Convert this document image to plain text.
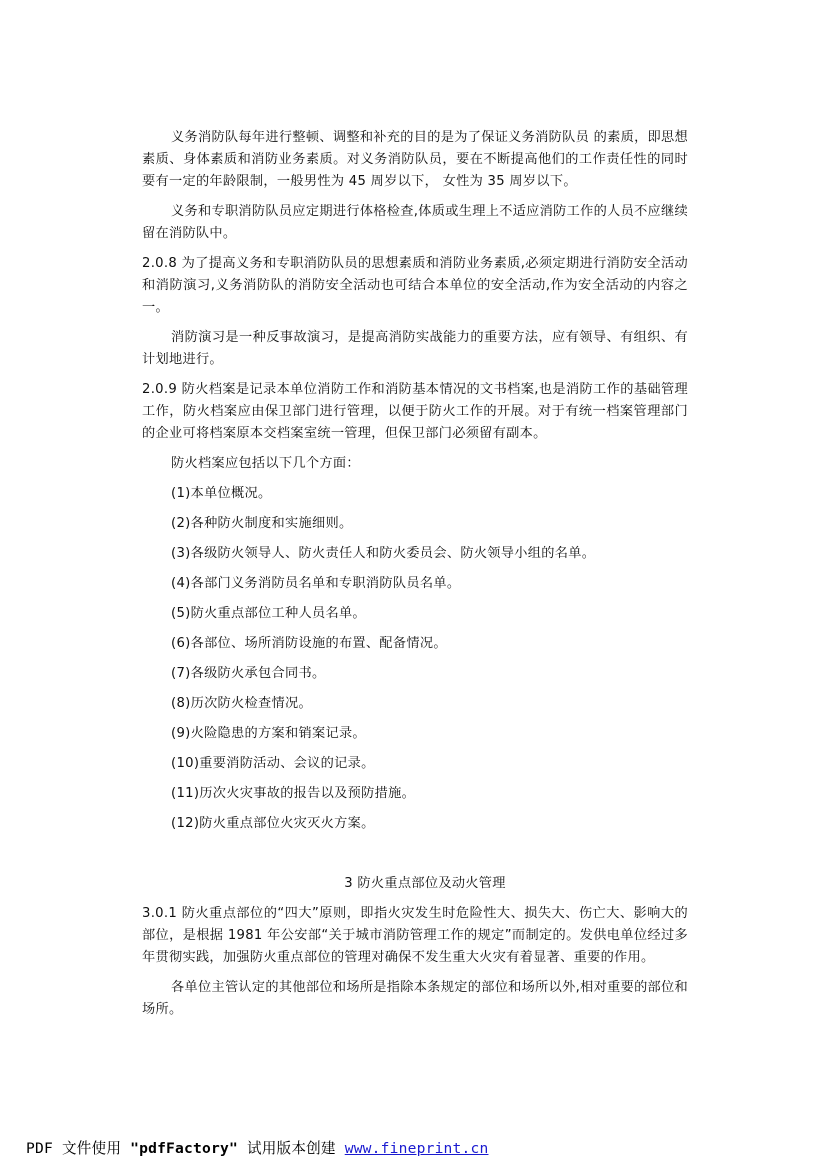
义务消防队每年进行整顿、调整和补充的目的是为了保证义务消防队员 的素质，即思想素质、身体素质和消防业务素质。对义务消防队员，要在不断提高他们的工作责任性的同时要有一定的年龄限制，一般男性为 45 周岁以下， 女性为 35 周岁以下。

义务和专职消防队员应定期进行体格检查,体质或生理上不适应消防工作的人员不应继续留在消防队中。

2.0.8 为了提高义务和专职消防队员的思想素质和消防业务素质,必须定期进行消防安全活动和消防演习,义务消防队的消防安全活动也可结合本单位的安全活动,作为安全活动的内容之一。

消防演习是一种反事故演习，是提高消防实战能力的重要方法，应有领导、有组织、有计划地进行。

2.0.9 防火档案是记录本单位消防工作和消防基本情况的文书档案,也是消防工作的基础管理工作，防火档案应由保卫部门进行管理，以便于防火工作的开展。对于有统一档案管理部门的企业可将档案原本交档案室统一管理，但保卫部门必须留有副本。

防火档案应包括以下几个方面：

(1)本单位概况。
(2)各种防火制度和实施细则。
(3)各级防火领导人、防火责任人和防火委员会、防火领导小组的名单。
(4)各部门义务消防员名单和专职消防队员名单。
(5)防火重点部位工种人员名单。
(6)各部位、场所消防设施的布置、配备情况。
(7)各级防火承包合同书。
(8)历次防火检查情况。
(9)火险隐患的方案和销案记录。
(10)重要消防活动、会议的记录。
(11)历次火灾事故的报告以及预防措施。
(12)防火重点部位火灾灭火方案。
3 防火重点部位及动火管理

3.0.1 防火重点部位的“四大”原则，即指火灾发生时危险性大、损失大、伤亡大、影响大的部位，是根据 1981 年公安部“关于城市消防管理工作的规定”而制定的。发供电单位经过多年贯彻实践，加强防火重点部位的管理对确保不发生重大火灾有着显著、重要的作用。

各单位主管认定的其他部位和场所是指除本条规定的部位和场所以外,相对重要的部位和场所。

PDF 文件使用 "pdfFactory" 试用版本创建 www.fineprint.cn
